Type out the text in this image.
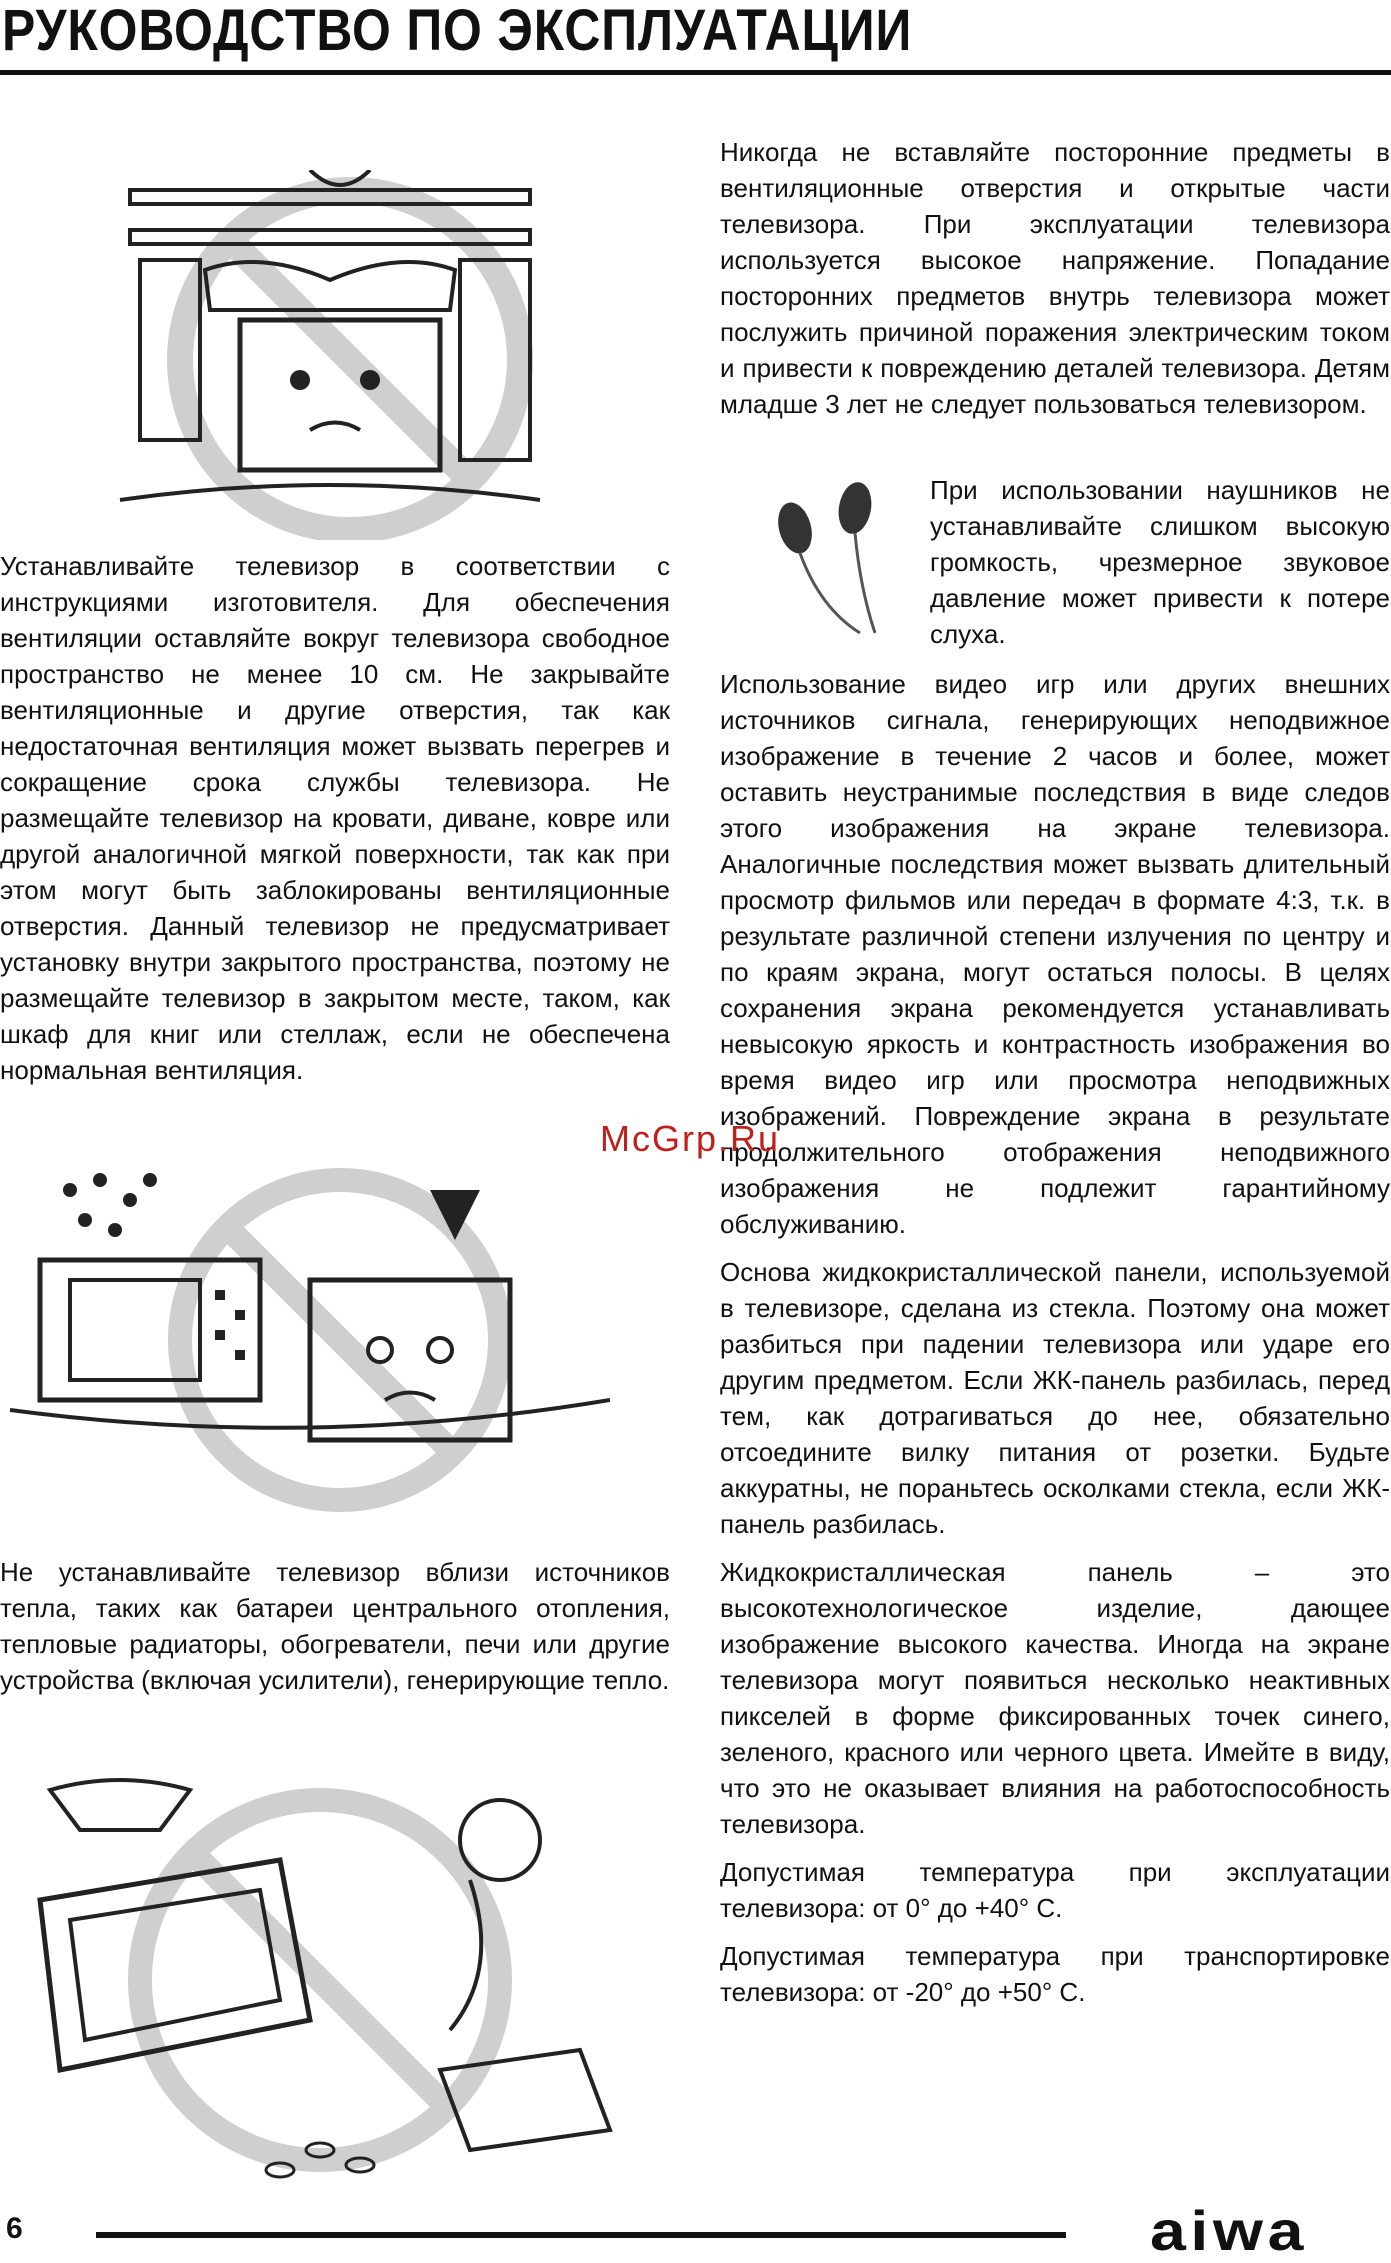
РУКОВОДСТВО ПО ЭКСПЛУАТАЦИИ

Устанавливайте телевизор в соответствии с инструкциями изготовителя. Для обеспечения вентиляции оставляйте вокруг телевизора свободное пространство не менее 10 см. Не закрывайте вентиляционные и другие отверстия, так как недостаточная вентиляция может вызвать перегрев и сокращение срока службы телевизора. Не размещайте телевизор на кровати, диване, ковре или другой аналогичной мягкой поверхности, так как при этом могут быть заблокированы вентиляционные отверстия. Данный телевизор не предусматривает установку внутри закрытого пространства, поэтому не размещайте телевизор в закрытом месте, таком, как шкаф для книг или стеллаж, если не обеспечена нормальная вентиляция.

Не устанавливайте телевизор вблизи источников тепла, таких как батареи центрального отопления, тепловые радиаторы, обогреватели, печи или другие устройства (включая усилители), генерирующие тепло.

Никогда не вставляйте посторонние предметы в вентиляционные отверстия и открытые части телевизора. При эксплуатации телевизора используется высокое напряжение. Попадание посторонних предметов внутрь телевизора может послужить причиной поражения электрическим током и привести к повреждению деталей телевизора. Детям младше 3 лет не следует пользоваться телевизором.

При использовании наушников не устанавливайте слишком высокую громкость, чрезмерное звуковое давление может привести к потере слуха.

Использование видео игр или других внешних источников сигнала, генерирующих неподвижное изображение в течение 2 часов и более, может оставить неустранимые последствия в виде следов этого изображения на экране телевизора. Аналогичные последствия может вызвать длительный просмотр фильмов или передач в формате 4:3, т.к. в результате различной степени излучения по центру и по краям экрана, могут остаться полосы. В целях сохранения экрана рекомендуется устанавливать невысокую яркость и контрастность изображения во время видео игр или просмотра неподвижных изображений. Повреждение экрана в результате продолжительного отображения неподвижного изображения не подлежит гарантийному обслуживанию.

Основа жидкокристаллической панели, используемой в телевизоре, сделана из стекла. Поэтому она может разбиться при падении телевизора или ударе его другим предметом. Если ЖК-панель разбилась, перед тем, как дотрагиваться до нее, обязательно отсоедините вилку питания от розетки. Будьте аккуратны, не пораньтесь осколками стекла, если ЖК-панель разбилась.

Жидкокристаллическая панель – это высокотехнологическое изделие, дающее изображение высокого качества. Иногда на экране телевизора могут появиться несколько неактивных пикселей в форме фиксированных точек синего, зеленого, красного или черного цвета. Имейте в виду, что это не оказывает влияния на работоспособность телевизора.

Допустимая температура при эксплуатации телевизора: от 0° до +40° С.

Допустимая температура при транспортировке телевизора: от -20° до +50° С.

McGrp.Ru
6	aiwa
